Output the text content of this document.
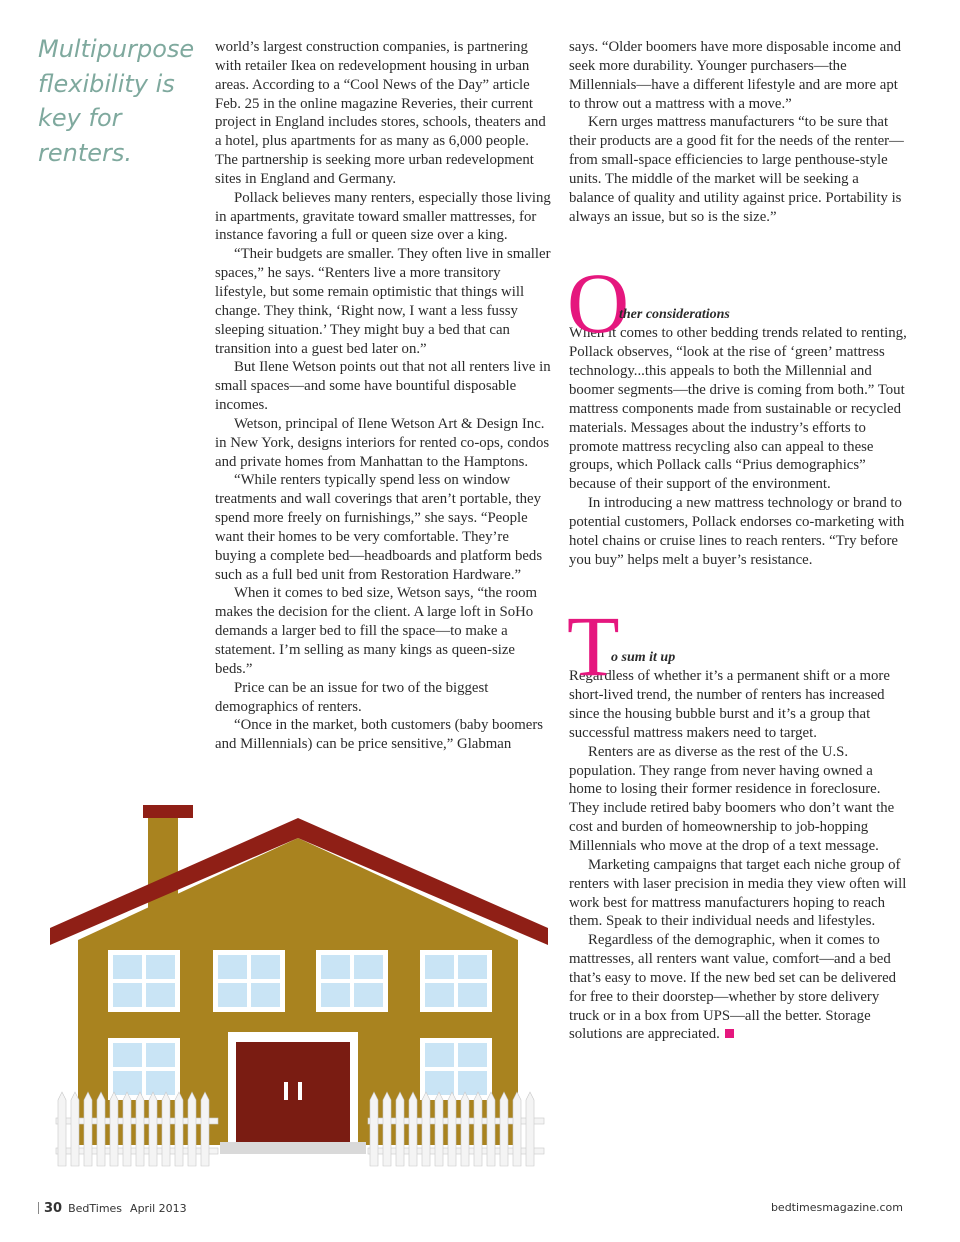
Multipurpose flexibility is key for renters.

world’s largest construction companies, is partnering with retailer Ikea on redevelopment housing in urban areas. According to a “Cool News of the Day” article Feb. 25 in the online magazine Reveries, their current project in England includes stores, schools, theaters and a hotel, plus apartments for as many as 6,000 people. The partnership is seeking more urban redevelopment sites in England and Germany.

Pollack believes many renters, especially those living in apartments, gravitate toward smaller mattresses, for instance favoring a full or queen size over a king.

“Their budgets are smaller. They often live in smaller spaces,” he says. “Renters live a more transitory lifestyle, but some remain optimistic that things will change. They think, ‘Right now, I want a less fussy sleeping situation.’ They might buy a bed that can transition into a guest bed later on.”

But Ilene Wetson points out that not all renters live in small spaces—and some have bountiful disposable incomes.

Wetson, principal of Ilene Wetson Art & Design Inc. in New York, designs interiors for rented co-ops, condos and private homes from Manhattan to the Hamptons.

“While renters typically spend less on window treatments and wall coverings that aren’t portable, they spend more freely on furnishings,” she says. “People want their homes to be very comfortable. They’re buying a complete bed—headboards and platform beds such as a full bed unit from Restoration Hardware.”

When it comes to bed size, Wetson says, “the room makes the decision for the client. A large loft in SoHo demands a larger bed to fill the space—to make a statement. I’m selling as many kings as queen-size beds.”

Price can be an issue for two of the biggest demographics of renters.

“Once in the market, both customers (baby boomers and Millennials) can be price sensitive,” Glabman

says. “Older boomers have more disposable income and seek more durability. Younger purchasers—the Millennials—have a different lifestyle and are more apt to throw out a mattress with a move.”

Kern urges mattress manufacturers “to be sure that their products are a good fit for the needs of the renter—from small-space efficiencies to large penthouse-style units. The middle of the market will be seeking a balance of quality and utility against price. Portability is always an issue, but so is the size.”

O
ther considerations

When it comes to other bedding trends related to renting, Pollack observes, “look at the rise of ‘green’ mattress technology...this appeals to both the Millennial and boomer segments—the drive is coming from both.” Tout mattress components made from sustainable or recycled materials. Messages about the industry’s efforts to promote mattress recycling also can appeal to these groups, which Pollack calls “Prius demographics” because of their support of the environment.

In introducing a new mattress technology or brand to potential customers, Pollack endorses co-marketing with hotel chains or cruise lines to reach renters. “Try before you buy” helps melt a buyer’s resistance.

T
o sum it up

Regardless of whether it’s a permanent shift or a more short-lived trend, the number of renters has increased since the housing bubble burst and it’s a group that successful mattress makers need to target.

Renters are as diverse as the rest of the U.S. population. They range from never having owned a home to losing their former residence in foreclosure. They include retired baby boomers who don’t want the cost and burden of homeownership to job-hopping Millennials who move at the drop of a text message.

Marketing campaigns that target each niche group of renters with laser precision in media they view often will work best for mattress manufacturers hoping to reach them. Speak to their individual needs and lifestyles.

Regardless of the demographic, when it comes to mattresses, all renters want value, comfort—and a bed that’s easy to move. If the new bed set can be delivered for free to their doorstep—whether by store delivery truck or in a box from UPS—all the better. Storage solutions are appreciated.

30 BedTimes April 2013	bedtimesmagazine.com
